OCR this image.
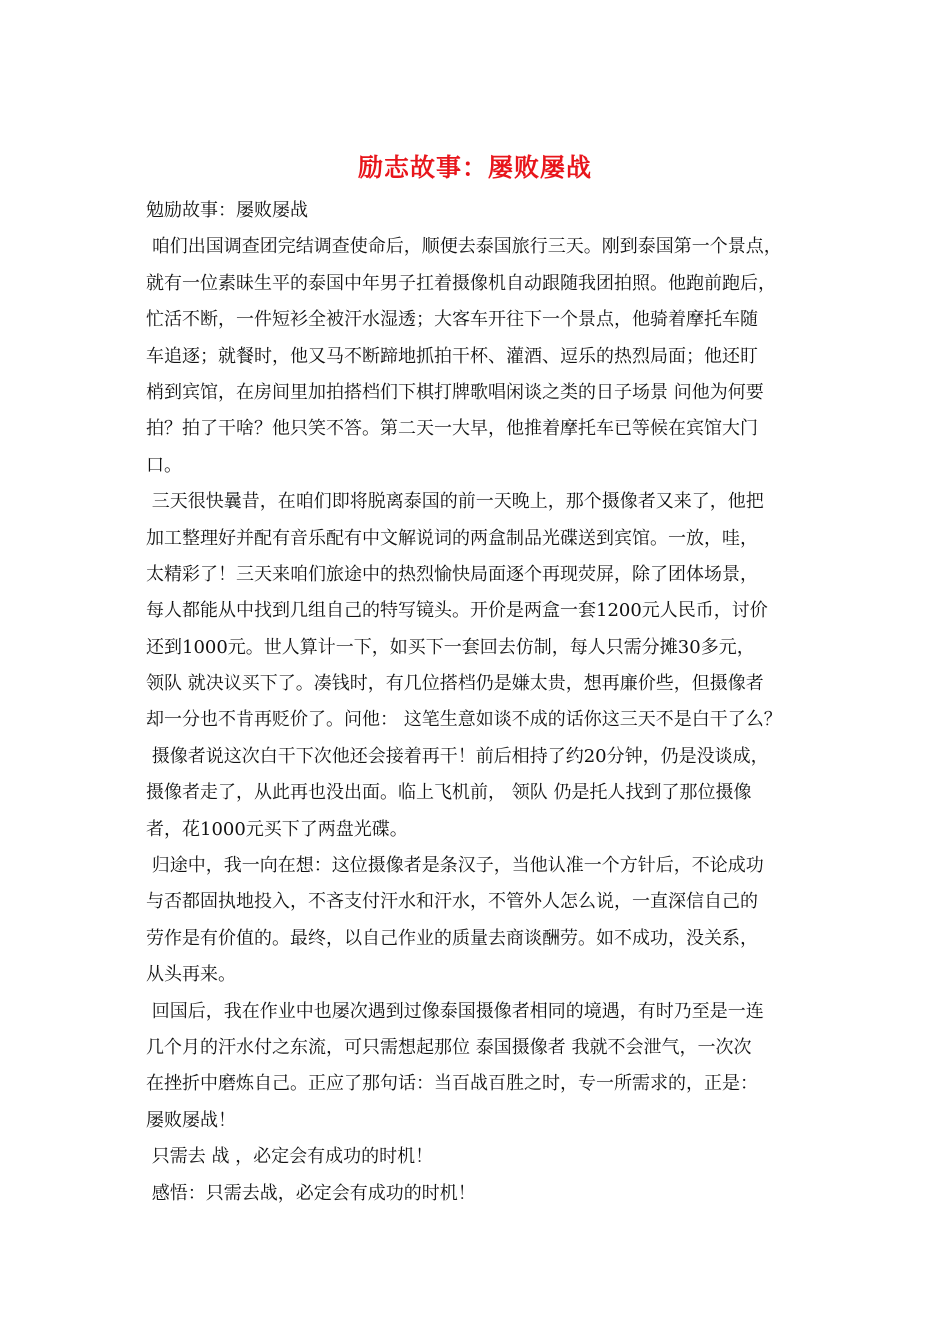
励志故事：屡败屡战
勉励故事：屡败屡战
咱们出国调查团完结调查使命后，顺便去泰国旅行三天。刚到泰国第一个景点，
就有一位素昧生平的泰国中年男子扛着摄像机自动跟随我团拍照。他跑前跑后，
忙活不断，一件短衫全被汗水湿透；大客车开往下一个景点，他骑着摩托车随
车追逐；就餐时，他又马不断蹄地抓拍干杯、灌酒、逗乐的热烈局面；他还盯
梢到宾馆，在房间里加拍搭档们下棋打牌歌唱闲谈之类的日子场景 问他为何要
拍？拍了干啥？他只笑不答。第二天一大早，他推着摩托车已等候在宾馆大门
口。
三天很快曩昔，在咱们即将脱离泰国的前一天晚上，那个摄像者又来了，他把
加工整理好并配有音乐配有中文解说词的两盒制品光碟送到宾馆。一放，哇，
太精彩了！三天来咱们旅途中的热烈愉快局面逐个再现荧屏，除了团体场景，
每人都能从中找到几组自己的特写镜头。开价是两盒一套1200元人民币，讨价
还到1000元。世人算计一下，如买下一套回去仿制，每人只需分摊30多元，
领队 就决议买下了。凑钱时，有几位搭档仍是嫌太贵，想再廉价些，但摄像者
却一分也不肯再贬价了。问他： 这笔生意如谈不成的话你这三天不是白干了么？
摄像者说这次白干下次他还会接着再干！前后相持了约20分钟，仍是没谈成，
摄像者走了，从此再也没出面。临上飞机前， 领队 仍是托人找到了那位摄像
者，花1000元买下了两盘光碟。
归途中，我一向在想：这位摄像者是条汉子，当他认准一个方针后，不论成功
与否都固执地投入，不吝支付汗水和汗水，不管外人怎么说，一直深信自己的
劳作是有价值的。最终，以自己作业的质量去商谈酬劳。如不成功，没关系，
从头再来。
回国后，我在作业中也屡次遇到过像泰国摄像者相同的境遇，有时乃至是一连
几个月的汗水付之东流，可只需想起那位 泰国摄像者 我就不会泄气，一次次
在挫折中磨炼自己。正应了那句话：当百战百胜之时，专一所需求的，正是：
屡败屡战！
只需去 战 ，必定会有成功的时机！
感悟：只需去战，必定会有成功的时机！
